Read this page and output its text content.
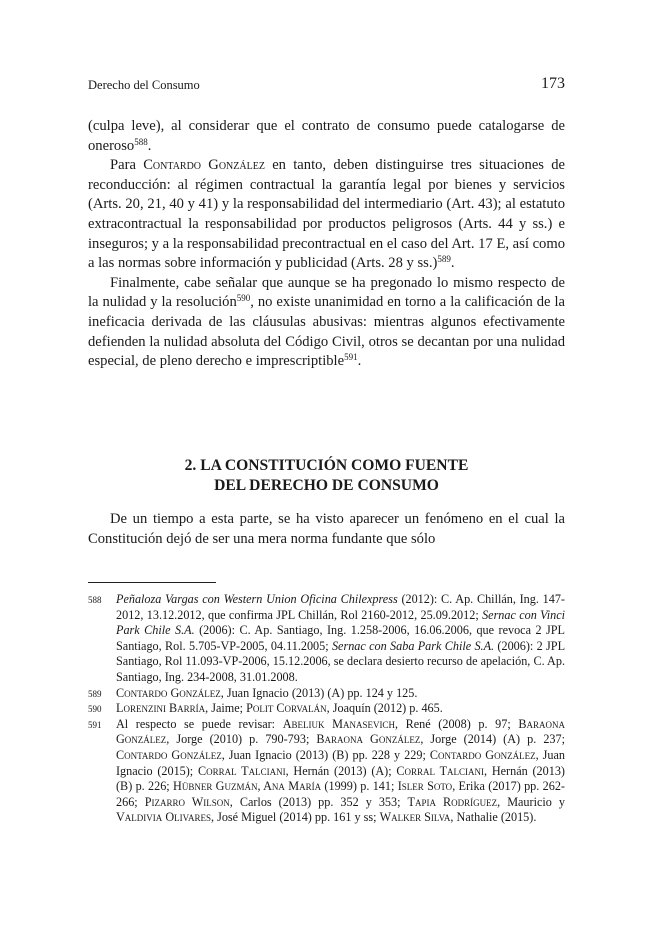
Derecho del Consumo	173

(culpa leve), al considerar que el contrato de consumo puede catalogarse de oneroso$^{588}$.

Para Contardo González en tanto, deben distinguirse tres situaciones de reconducción: al régimen contractual la garantía legal por bienes y servicios (Arts. 20, 21, 40 y 41) y la responsabilidad del intermediario (Art. 43); al estatuto extracontractual la responsabilidad por productos peligrosos (Arts. 44 y ss.) e inseguros; y a la responsabilidad precontractual en el caso del Art. 17 E, así como a las normas sobre información y publicidad (Arts. 28 y ss.)$^{589}$.

Finalmente, cabe señalar que aunque se ha pregonado lo mismo respecto de la nulidad y la resolución$^{590}$, no existe unanimidad en torno a la calificación de la ineficacia derivada de las cláusulas abusivas: mientras algunos efectivamente defienden la nulidad absoluta del Código Civil, otros se decantan por una nulidad especial, de pleno derecho e imprescriptible$^{591}$.

2. LA CONSTITUCIÓN COMO FUENTE
DEL DERECHO DE CONSUMO

De un tiempo a esta parte, se ha visto aparecer un fenómeno en el cual la Constitución dejó de ser una mera norma fundante que sólo

588 Peñaloza Vargas con Western Union Oficina Chilexpress (2012): C. Ap. Chillán, Ing. 147-2012, 13.12.2012, que confirma JPL Chillán, Rol 2160-2012, 25.09.2012; Sernac con Vinci Park Chile S.A. (2006): C. Ap. Santiago, Ing. 1.258-2006, 16.06.2006, que revoca 2 JPL Santiago, Rol. 5.705-VP-2005, 04.11.2005; Sernac con Saba Park Chile S.A. (2006): 2 JPL Santiago, Rol 11.093-VP-2006, 15.12.2006, se declara desierto recurso de apelación, C. Ap. Santiago, Ing. 234-2008, 31.01.2008.
589 Contardo González, Juan Ignacio (2013) (A) pp. 124 y 125.
590 Lorenzini Barría, Jaime; Polit Corvalán, Joaquín (2012) p. 465.
591 Al respecto se puede revisar: Abeliuk Manasevich, René (2008) p. 97; Baraona González, Jorge (2010) p. 790-793; Baraona González, Jorge (2014) (A) p. 237; Contardo González, Juan Ignacio (2013) (B) pp. 228 y 229; Contardo González, Juan Ignacio (2015); Corral Talciani, Hernán (2013) (A); Corral Talciani, Hernán (2013) (B) p. 226; Hübner Guzmán, Ana María (1999) p. 141; Isler Soto, Erika (2017) pp. 262-266; Pizarro Wilson, Carlos (2013) pp. 352 y 353; Tapia Rodríguez, Mauricio y Valdivia Olivares, José Miguel (2014) pp. 161 y ss; Walker Silva, Nathalie (2015).
